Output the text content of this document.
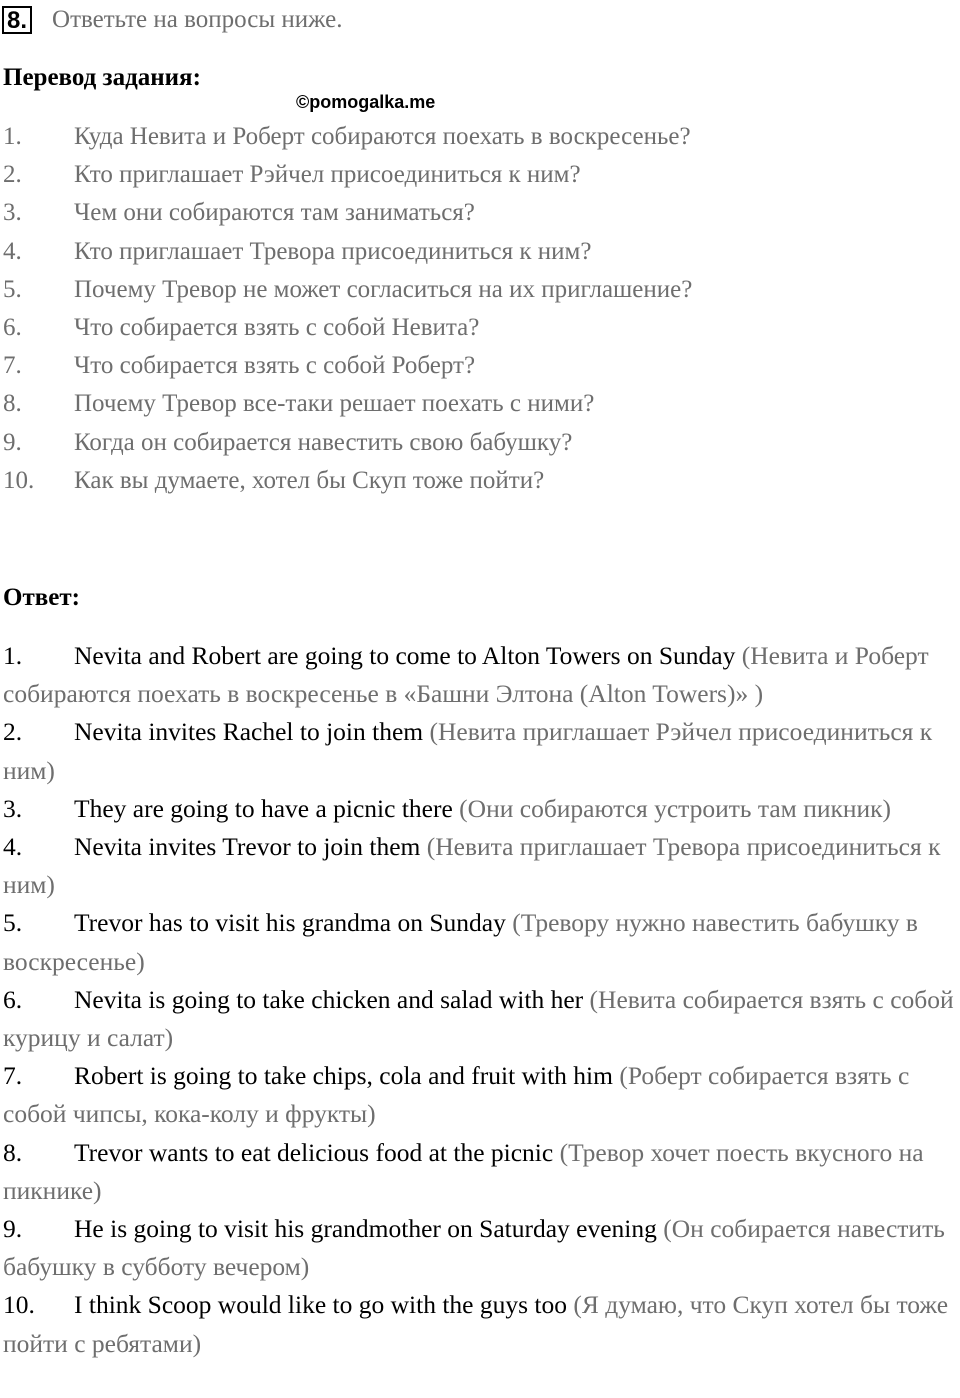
8. Ответьте на вопросы ниже.
Перевод задания:
©pomogalka.me
1. Куда Невита и Роберт собираются поехать в воскресенье?
2. Кто приглашает Рэйчел присоединиться к ним?
3. Чем они собираются там заниматься?
4. Кто приглашает Тревора присоединиться к ним?
5. Почему Тревор не может согласиться на их приглашение?
6. Что собирается взять с собой Невита?
7. Что собирается взять с собой Роберт?
8. Почему Тревор все-таки решает поехать с ними?
9. Когда он собирается навестить свою бабушку?
10. Как вы думаете, хотел бы Скуп тоже пойти?
Ответ:
1. Nevita and Robert are going to come to Alton Towers on Sunday (Невита и Роберт собираются поехать в воскресенье в «Башни Элтона (Alton Towers)» )
2. Nevita invites Rachel to join them (Невита приглашает Рэйчел присоединиться к ним)
3. They are going to have a picnic there (Они собираются устроить там пикник)
4. Nevita invites Trevor to join them (Невита приглашает Тревора присоединиться к ним)
5. Trevor has to visit his grandma on Sunday (Тревору нужно навестить бабушку в воскресенье)
6. Nevita is going to take chicken and salad with her (Невита собирается взять с собой курицу и салат)
7. Robert is going to take chips, cola and fruit with him (Роберт собирается взять с собой чипсы, кока-колу и фрукты)
8. Trevor wants to eat delicious food at the picnic (Тревор хочет поесть вкусного на пикнике)
9. He is going to visit his grandmother on Saturday evening (Он собирается навестить бабушку в субботу вечером)
10. I think Scoop would like to go with the guys too (Я думаю, что Скуп хотел бы тоже пойти с ребятами)
